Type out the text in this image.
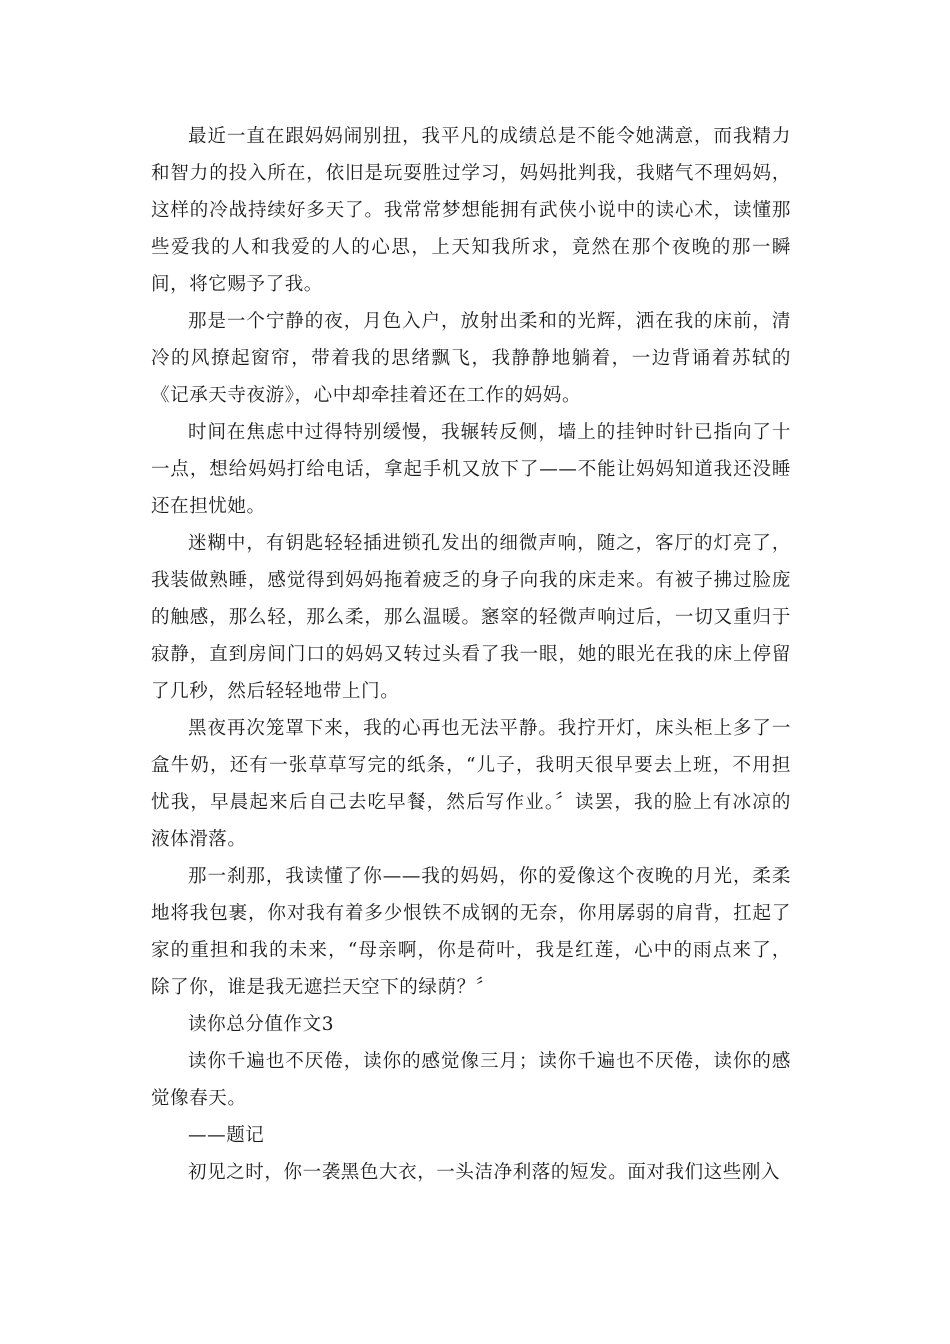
最近一直在跟妈妈闹别扭，我平凡的成绩总是不能令她满意，而我精力和智力的投入所在，依旧是玩耍胜过学习，妈妈批判我，我赌气不理妈妈，这样的冷战持续好多天了。我常常梦想能拥有武侠小说中的读心术，读懂那些爱我的人和我爱的人的心思，上天知我所求，竟然在那个夜晚的那一瞬间，将它赐予了我。

那是一个宁静的夜，月色入户，放射出柔和的光辉，洒在我的床前，清冷的风撩起窗帘，带着我的思绪飘飞，我静静地躺着，一边背诵着苏轼的《记承天寺夜游》，心中却牵挂着还在工作的妈妈。

时间在焦虑中过得特别缓慢，我辗转反侧，墙上的挂钟时针已指向了十一点，想给妈妈打给电话，拿起手机又放下了——不能让妈妈知道我还没睡还在担忧她。

迷糊中，有钥匙轻轻插进锁孔发出的细微声响，随之，客厅的灯亮了，我装做熟睡，感觉得到妈妈拖着疲乏的身子向我的床走来。有被子拂过脸庞的触感，那么轻，那么柔，那么温暖。窸窣的轻微声响过后，一切又重归于寂静，直到房间门口的妈妈又转过头看了我一眼，她的眼光在我的床上停留了几秒，然后轻轻地带上门。

黑夜再次笼罩下来，我的心再也无法平静。我拧开灯，床头柜上多了一盒牛奶，还有一张草草写完的纸条，“儿子，我明天很早要去上班，不用担忧我，早晨起来后自己去吃早餐，然后写作业。〞读罢，我的脸上有冰凉的液体滑落。

那一刹那，我读懂了你——我的妈妈，你的爱像这个夜晚的月光，柔柔地将我包裹，你对我有着多少恨铁不成钢的无奈，你用孱弱的肩背，扛起了家的重担和我的未来，“母亲啊，你是荷叶，我是红莲，心中的雨点来了，除了你，谁是我无遮拦天空下的绿荫？〞

读你总分值作文3

读你千遍也不厌倦，读你的感觉像三月；读你千遍也不厌倦，读你的感觉像春天。

——题记

初见之时，你一袭黑色大衣，一头洁净利落的短发。面对我们这些刚入
